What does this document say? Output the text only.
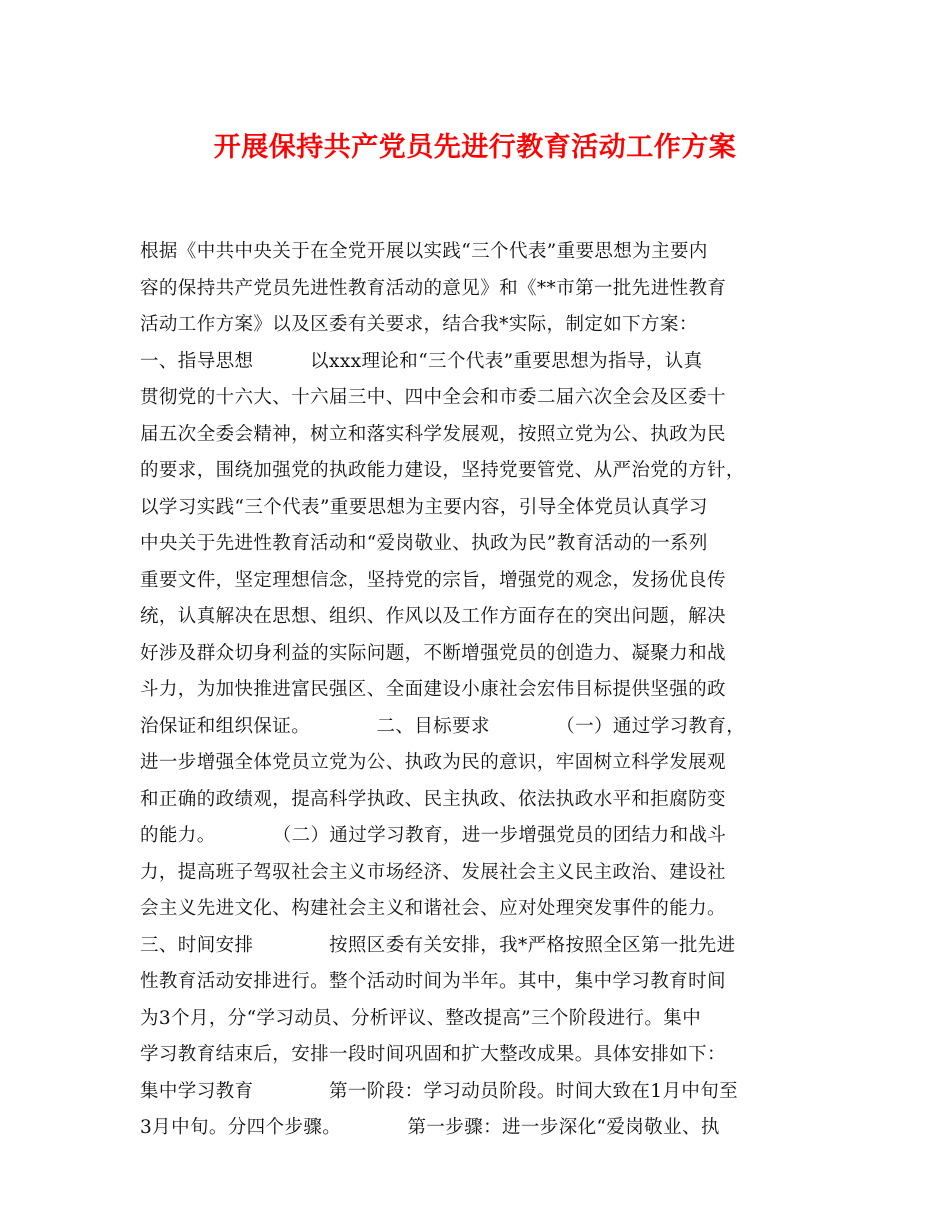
开展保持共产党员先进行教育活动工作方案
根据《中共中央关于在全党开展以实践“三个代表”重要思想为主要内
容的保持共产党员先进性教育活动的意见》和《**市第一批先进性教育
活动工作方案》以及区委有关要求，结合我*实际，制定如下方案：
一、指导思想　　　以xxx理论和“三个代表”重要思想为指导，认真
贯彻党的十六大、十六届三中、四中全会和市委二届六次全会及区委十
届五次全委会精神，树立和落实科学发展观，按照立党为公、执政为民
的要求，围绕加强党的执政能力建设，坚持党要管党、从严治党的方针，
以学习实践“三个代表”重要思想为主要内容，引导全体党员认真学习
中央关于先进性教育活动和“爱岗敬业、执政为民”教育活动的一系列
重要文件，坚定理想信念，坚持党的宗旨，增强党的观念，发扬优良传
统，认真解决在思想、组织、作风以及工作方面存在的突出问题，解决
好涉及群众切身利益的实际问题，不断增强党员的创造力、凝聚力和战
斗力，为加快推进富民强区、全面建设小康社会宏伟目标提供坚强的政
治保证和组织保证。　　　　二、目标要求　　　　（一）通过学习教育，
进一步增强全体党员立党为公、执政为民的意识，牢固树立科学发展观
和正确的政绩观，提高科学执政、民主执政、依法执政水平和拒腐防变
的能力。　　　　（二）通过学习教育，进一步增强党员的团结力和战斗
力，提高班子驾驭社会主义市场经济、发展社会主义民主政治、建设社
会主义先进文化、构建社会主义和谐社会、应对处理突发事件的能力。
三、时间安排　　　　按照区委有关安排，我*严格按照全区第一批先进
性教育活动安排进行。整个活动时间为半年。其中，集中学习教育时间
为3个月，分“学习动员、分析评议、整改提高”三个阶段进行。集中
学习教育结束后，安排一段时间巩固和扩大整改成果。具体安排如下：
集中学习教育　　　　第一阶段：学习动员阶段。时间大致在1月中旬至
3月中旬。分四个步骤。　　　　第一步骤：进一步深化“爱岗敬业、执
